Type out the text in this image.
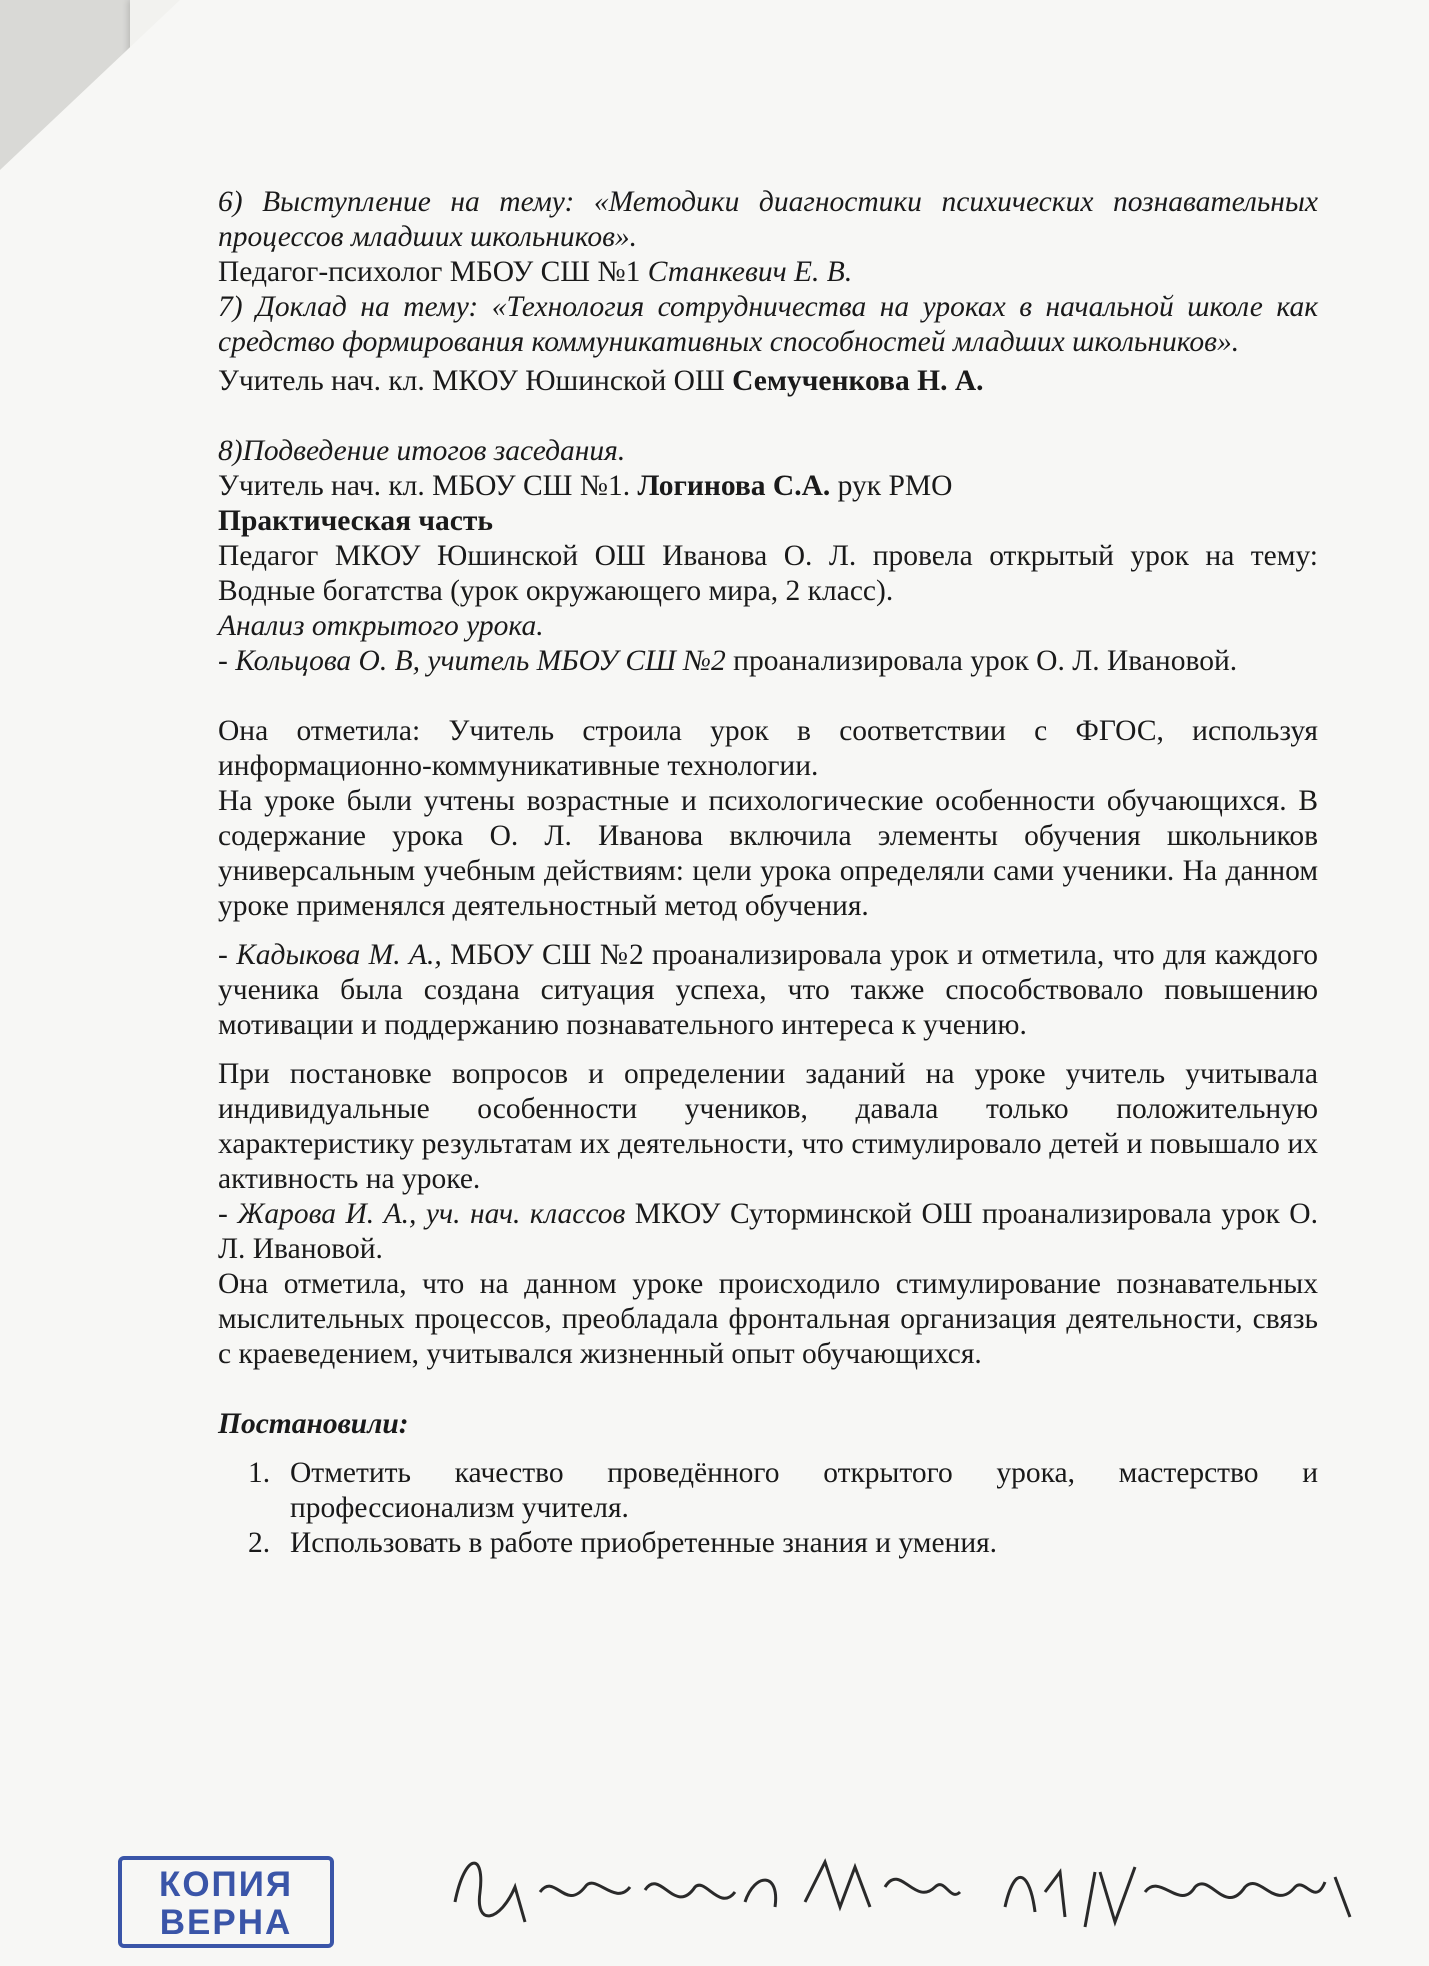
6) Выступление на тему: «Методики диагностики психических познавательных процессов младших школьников».

Педагог-психолог МБОУ СШ №1 Станкевич Е. В.

7) Доклад на тему: «Технология сотрудничества на уроках в начальной школе как средство формирования коммуникативных способностей младших школьников».

Учитель нач. кл. МКОУ Юшинской ОШ Семученкова Н. А.

8)Подведение итогов заседания.

Учитель нач. кл. МБОУ СШ №1. Логинова С.А. рук РМО

Практическая часть

Педагог МКОУ Юшинской ОШ Иванова О. Л. провела открытый урок на тему: Водные богатства (урок окружающего мира, 2 класс).

Анализ открытого урока.

- Кольцова О. В, учитель МБОУ СШ №2 проанализировала урок О. Л. Ивановой.

Она отметила: Учитель строила урок в соответствии с ФГОС, используя информационно-коммуникативные технологии.

На уроке были учтены возрастные и психологические особенности обучающихся. В содержание урока О. Л. Иванова включила элементы обучения школьников универсальным учебным действиям: цели урока определяли сами ученики. На данном уроке применялся деятельностный метод обучения.

- Кадыкова М. А., МБОУ СШ №2 проанализировала урок и отметила, что для каждого ученика была создана ситуация успеха, что также способствовало повышению мотивации и поддержанию познавательного интереса к учению.

При постановке вопросов и определении заданий на уроке учитель учитывала индивидуальные особенности учеников, давала только положительную характеристику результатам их деятельности, что стимулировало детей и повышало их активность на уроке.

- Жарова И. А., уч. нач. классов МКОУ Суторминской ОШ проанализировала урок О. Л. Ивановой.

Она отметила, что на данном уроке происходило стимулирование познавательных мыслительных процессов, преобладала фронтальная организация деятельности, связь с краеведением, учитывался жизненный опыт обучающихся.

Постановили:

1. Отметить качество проведённого открытого урока, мастерство и профессионализм учителя.
2. Использовать в работе приобретенные знания и умения.
КОПИЯ
ВЕРНА
